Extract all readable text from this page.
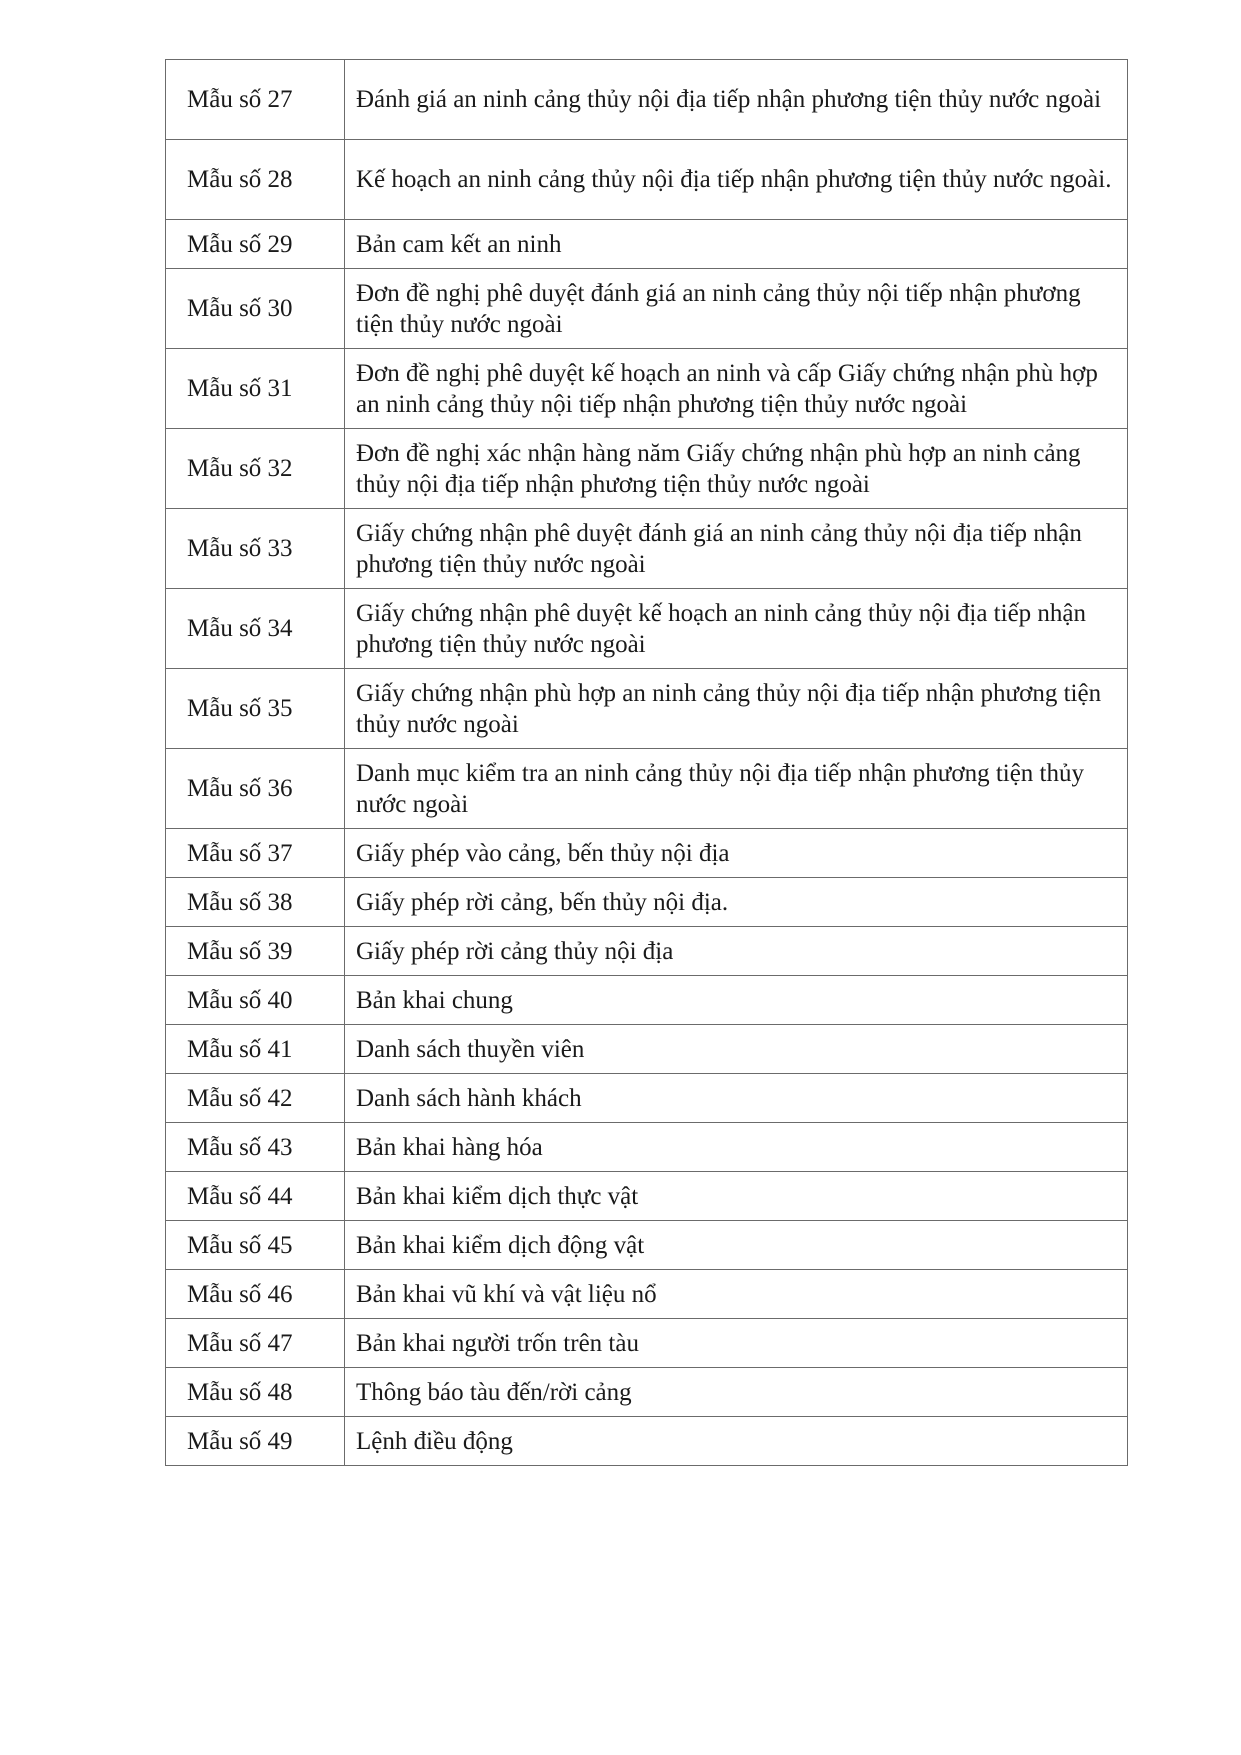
Mẫu số 27	Đánh giá an ninh cảng thủy nội địa tiếp nhận phương tiện thủy nước ngoài
Mẫu số 28	Kế hoạch an ninh cảng thủy nội địa tiếp nhận phương tiện thủy nước ngoài.
Mẫu số 29	Bản cam kết an ninh
Mẫu số 30	Đơn đề nghị phê duyệt đánh giá an ninh cảng thủy nội tiếp nhận phương tiện thủy nước ngoài
Mẫu số 31	Đơn đề nghị phê duyệt kế hoạch an ninh và cấp Giấy chứng nhận phù hợp an ninh cảng thủy nội tiếp nhận phương tiện thủy nước ngoài
Mẫu số 32	Đơn đề nghị xác nhận hàng năm Giấy chứng nhận phù hợp an ninh cảng thủy nội địa tiếp nhận phương tiện thủy nước ngoài
Mẫu số 33	Giấy chứng nhận phê duyệt đánh giá an ninh cảng thủy nội địa tiếp nhận phương tiện thủy nước ngoài
Mẫu số 34	Giấy chứng nhận phê duyệt kế hoạch an ninh cảng thủy nội địa tiếp nhận phương tiện thủy nước ngoài
Mẫu số 35	Giấy chứng nhận phù hợp an ninh cảng thủy nội địa tiếp nhận phương tiện thủy nước ngoài
Mẫu số 36	Danh mục kiểm tra an ninh cảng thủy nội địa tiếp nhận phương tiện thủy nước ngoài
Mẫu số 37	Giấy phép vào cảng, bến thủy nội địa
Mẫu số 38	Giấy phép rời cảng, bến thủy nội địa.
Mẫu số 39	Giấy phép rời cảng thủy nội địa
Mẫu số 40	Bản khai chung
Mẫu số 41	Danh sách thuyền viên
Mẫu số 42	Danh sách hành khách
Mẫu số 43	Bản khai hàng hóa
Mẫu số 44	Bản khai kiểm dịch thực vật
Mẫu số 45	Bản khai kiểm dịch động vật
Mẫu số 46	Bản khai vũ khí và vật liệu nổ
Mẫu số 47	Bản khai người trốn trên tàu
Mẫu số 48	Thông báo tàu đến/rời cảng
Mẫu số 49	Lệnh điều động
